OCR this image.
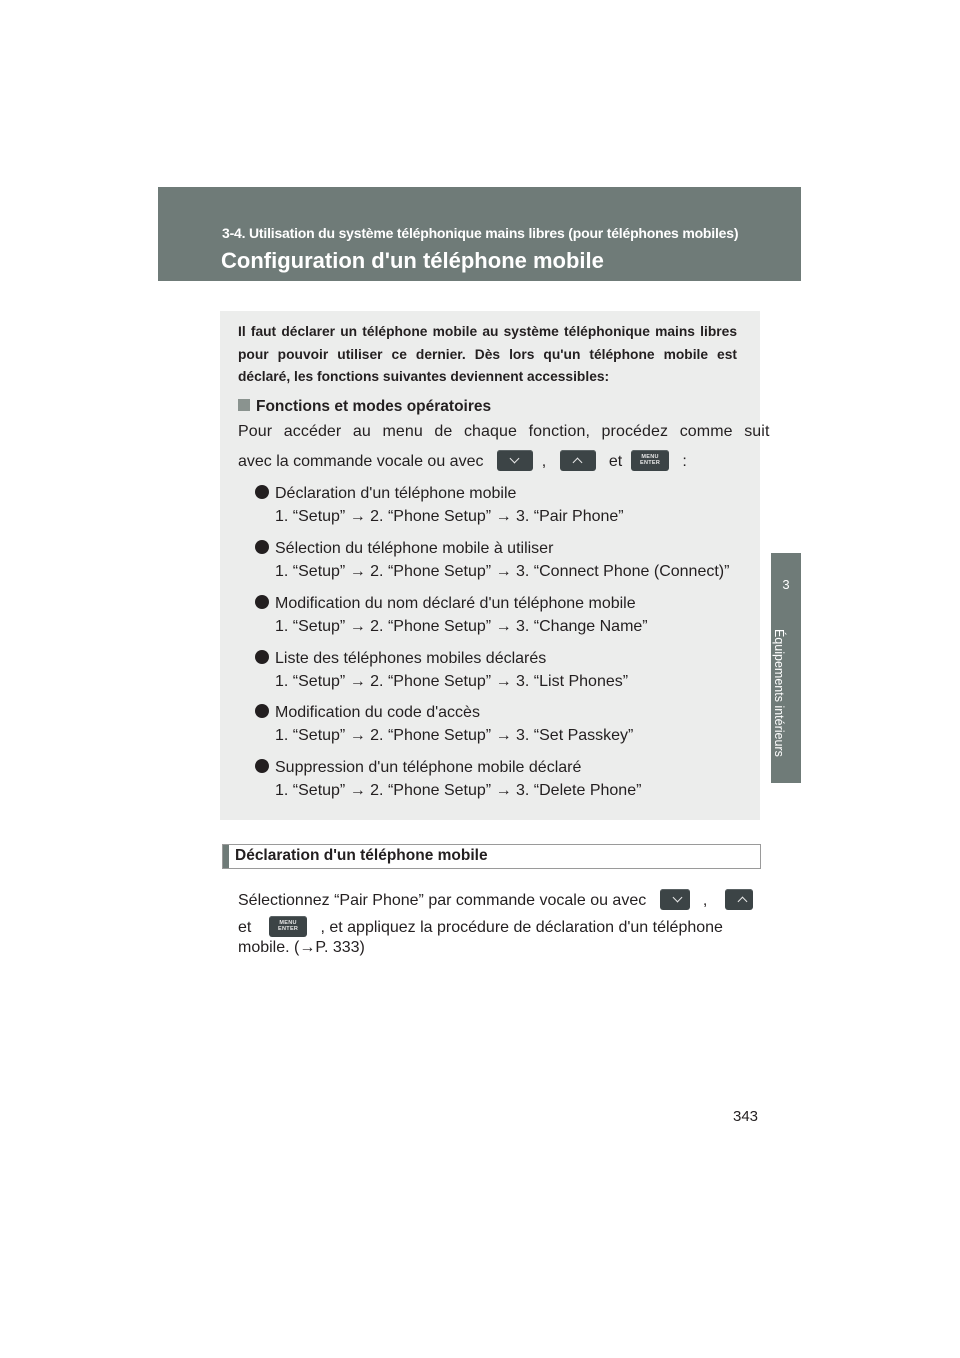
3-4. Utilisation du système téléphonique mains libres (pour téléphones mobiles)
Configuration d'un téléphone mobile
3
Équipements intérieurs
Il faut déclarer un téléphone mobile au système téléphonique mains libres pour pouvoir utiliser ce dernier. Dès lors qu'un téléphone mobile est déclaré, les fonctions suivantes deviennent accessibles:
Fonctions et modes opératoires
Pour accéder au menu de chaque fonction, procédez comme suit
avec la commande vocale ou avec	,	et	MENU
ENTER	:
Déclaration d'un téléphone mobile
1. “Setup” → 2. “Phone Setup” → 3. “Pair Phone”
Sélection du téléphone mobile à utiliser
1. “Setup” → 2. “Phone Setup” → 3. “Connect Phone (Connect)”
Modification du nom déclaré d'un téléphone mobile
1. “Setup” → 2. “Phone Setup” → 3. “Change Name”
Liste des téléphones mobiles déclarés
1. “Setup” → 2. “Phone Setup” → 3. “List Phones”
Modification du code d'accès
1. “Setup” → 2. “Phone Setup” → 3. “Set Passkey”
Suppression d'un téléphone mobile déclaré
1. “Setup” → 2. “Phone Setup” → 3. “Delete Phone”
Déclaration d'un téléphone mobile
Sélectionnez “Pair Phone” par commande vocale ou avec	,
et	MENU
ENTER	, et appliquez la procédure de déclaration d'un téléphone
mobile. (→P. 333)
343
